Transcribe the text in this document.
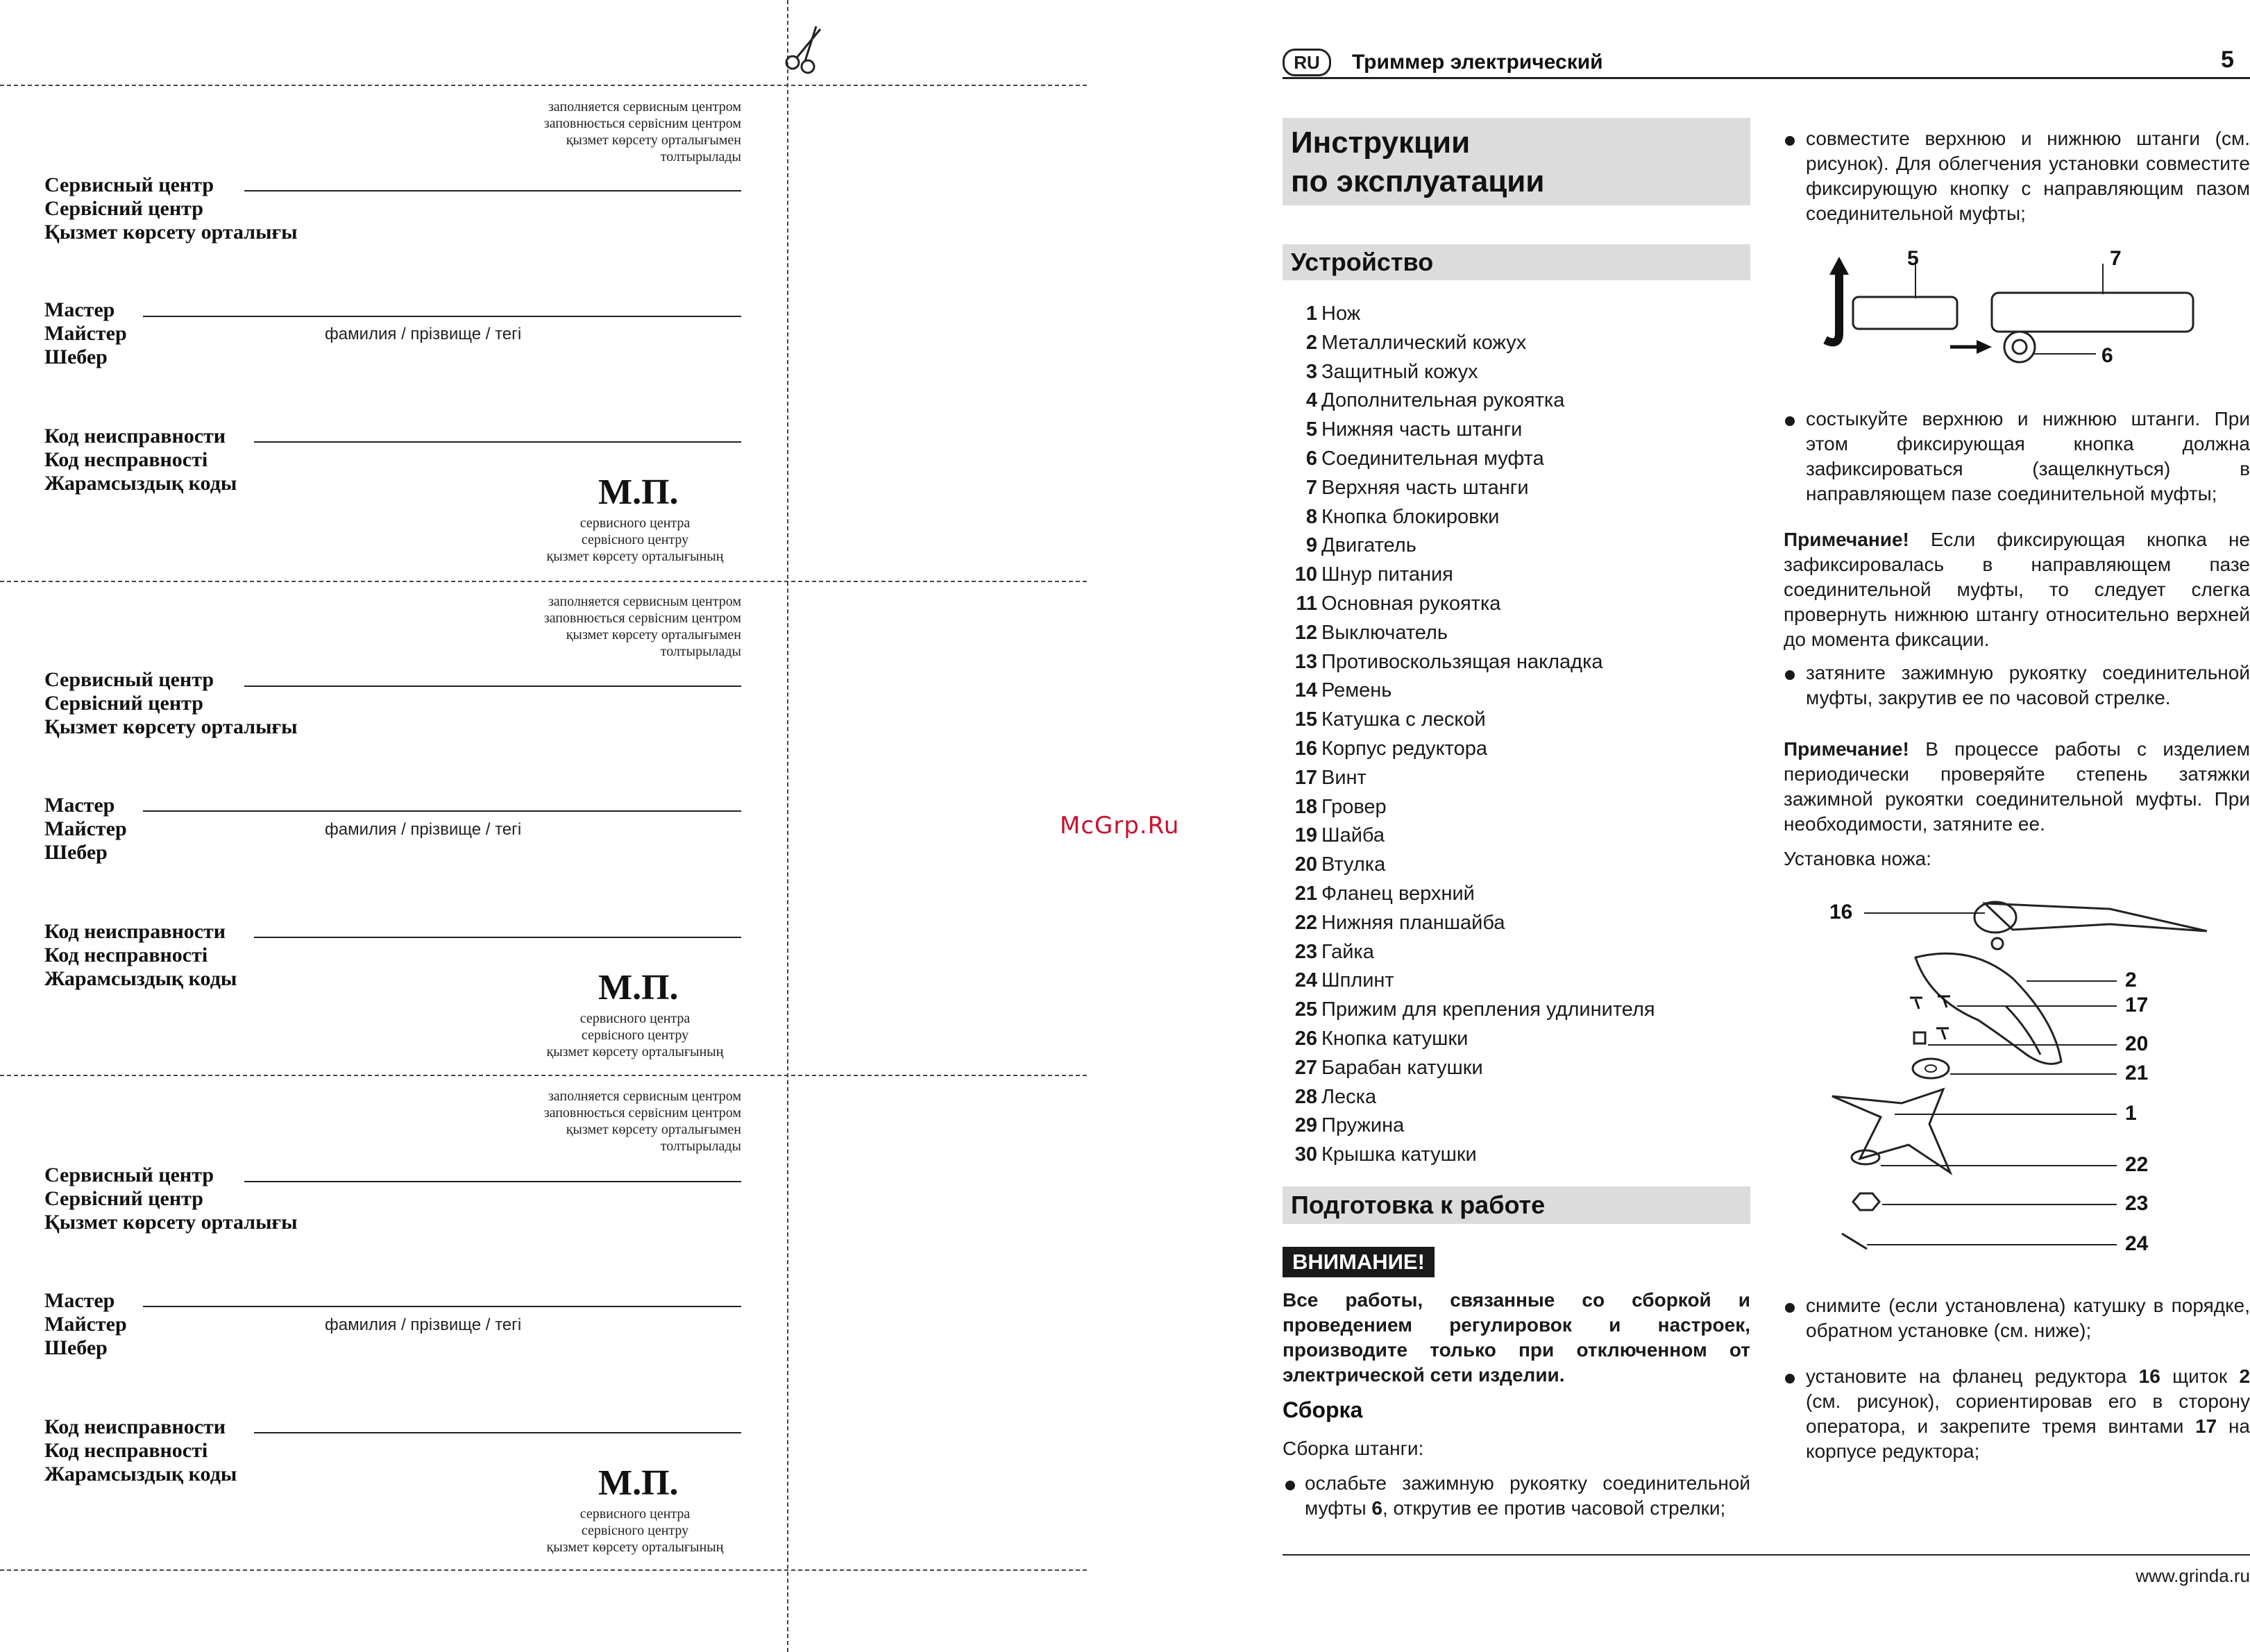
заполняется сервисным центром
заповнюється сервісним центром
қызмет көрсету орталығымен толтырылады
Сервисный центр
Сервісний центр
Қызмет көрсету орталығы
Мастер
Майстер
Шебер
фамилия / прізвище / тегі
Код неисправности
Код несправності
Жарамсыздық коды	М.П.
сервисного центра
сервісного центру
қызмет көрсету орталығының
заполняется сервисным центром
заповнюється сервісним центром
қызмет көрсету орталығымен толтырылады
Сервисный центр
Сервісний центр
Қызмет көрсету орталығы
Мастер
Майстер
Шебер
фамилия / прізвище / тегі
Код неисправности
Код несправності
Жарамсыздық коды	М.П.
сервисного центра
сервісного центру
қызмет көрсету орталығының
заполняется сервисным центром
заповнюється сервісним центром
қызмет көрсету орталығымен толтырылады
Сервисный центр
Сервісний центр
Қызмет көрсету орталығы
Мастер
Майстер
Шебер
фамилия / прізвище / тегі
Код неисправности
Код несправності
Жарамсыздық коды	М.П.
сервисного центра
сервісного центру
қызмет көрсету орталығының
McGrp.Ru
RU	Триммер электрический	5
Инструкции
по эксплуатации
Устройство
1 Нож
2 Металлический кожух
3 Защитный кожух
4 Дополнительная рукоятка
5 Нижняя часть штанги
6 Соединительная муфта
7 Верхняя часть штанги
8 Кнопка блокировки
9 Двигатель
10 Шнур питания
11 Основная рукоятка
12 Выключатель
13 Противоскользящая накладка
14 Ремень
15 Катушка с леской
16 Корпус редуктора
17 Винт
18 Гровер
19 Шайба
20 Втулка
21 Фланец верхний
22 Нижняя планшайба
23 Гайка
24 Шплинт
25 Прижим для крепления удлинителя
26 Кнопка катушки
27 Барабан катушки
28 Леска
29 Пружина
30 Крышка катушки
Подготовка к работе
ВНИМАНИЕ!
Все работы, связанные со сборкой и проведением регулировок и настроек, производите только при отключенном от электрической сети изделии.
Сборка
Сборка штанги:
ослабьте зажимную рукоятку соединительной муфты 6, открутив ее против часовой стрелки;
совместите верхнюю и нижнюю штанги (см. рисунок). Для облегчения установки совместите фиксирующую кнопку с направляющим пазом соединительной муфты;
5	7
6
состыкуйте верхнюю и нижнюю штанги. При этом фиксирующая кнопка должна зафиксироваться (защелкнуться) в направляющем пазе соединительной муфты;
Примечание! Если фиксирующая кнопка не зафиксировалась в направляющем пазе соединительной муфты, то следует слегка провернуть нижнюю штангу относительно верхней до момента фиксации.
затяните зажимную рукоятку соединительной муфты, закрутив ее по часовой стрелке.
Примечание! В процессе работы с изделием периодически проверяйте степень затяжки зажимной рукоятки соединительной муфты. При необходимости, затяните ее.
Установка ножа:
16
2
17
20
21
1
22
23
24
снимите (если установлена) катушку в порядке, обратном установке (см. ниже);
установите на фланец редуктора 16 щиток 2 (см. рисунок), сориентировав его в сторону оператора, и закрепите тремя винтами 17 на корпусе редуктора;
www.grinda.ru
